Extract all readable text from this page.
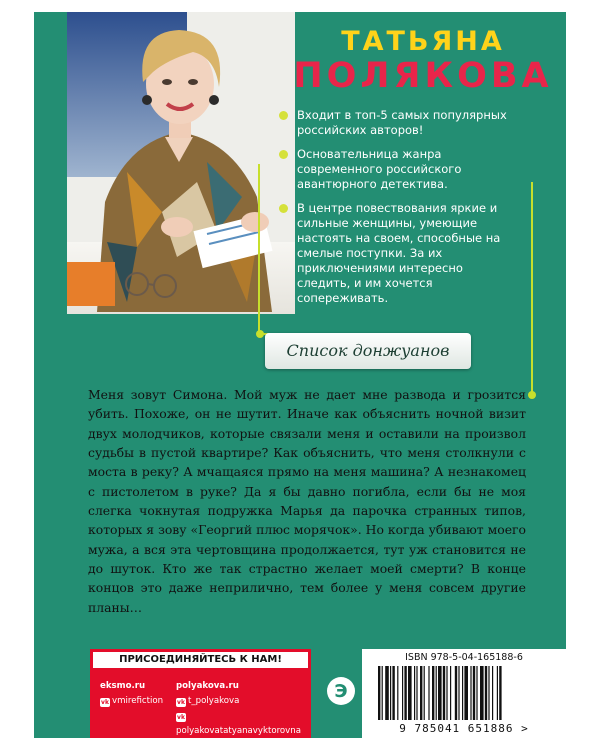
ТАТЬЯНА
ПОЛЯКОВА
Входит в топ-5 самых популярных российских авторов!
Основательница жанра современного российского авантюрного детектива.
В центре повествования яркие и сильные женщины, умеющие настоять на своем, способные на смелые поступки. За их приключениями интересно следить, и им хочется сопереживать.
Список донжуанов

Меня зовут Симона. Мой муж не дает мне развода и грозится убить. Похоже, он не шутит. Иначе как объяснить ночной визит двух молодчиков, которые связали меня и оставили на произвол судьбы в пустой квартире? Как объяснить, что меня столкнули с моста в реку? А мчащаяся прямо на меня машина? А незнакомец с пистолетом в руке? Да я бы давно погибла, если бы не моя слегка чокнутая подружка Марья да парочка странных типов, которых я зову «Георгий плюс морячок». Но когда убивают моего мужа, а вся эта чертовщина продолжается, тут уж становится не до шуток. Кто же так страстно желает моей смерти? В конце концов это даже неприлично, тем более у меня совсем другие планы…

ПРИСОЕДИНЯЙТЕСЬ К НАМ!
eksmo.ru
vk vmirefiction
polyakova.ru
vk t_polyakova
vkpolyakovatatyanavyktorovna
Э
ISBN 978-5-04-165188-6
9 785041 651886 >
